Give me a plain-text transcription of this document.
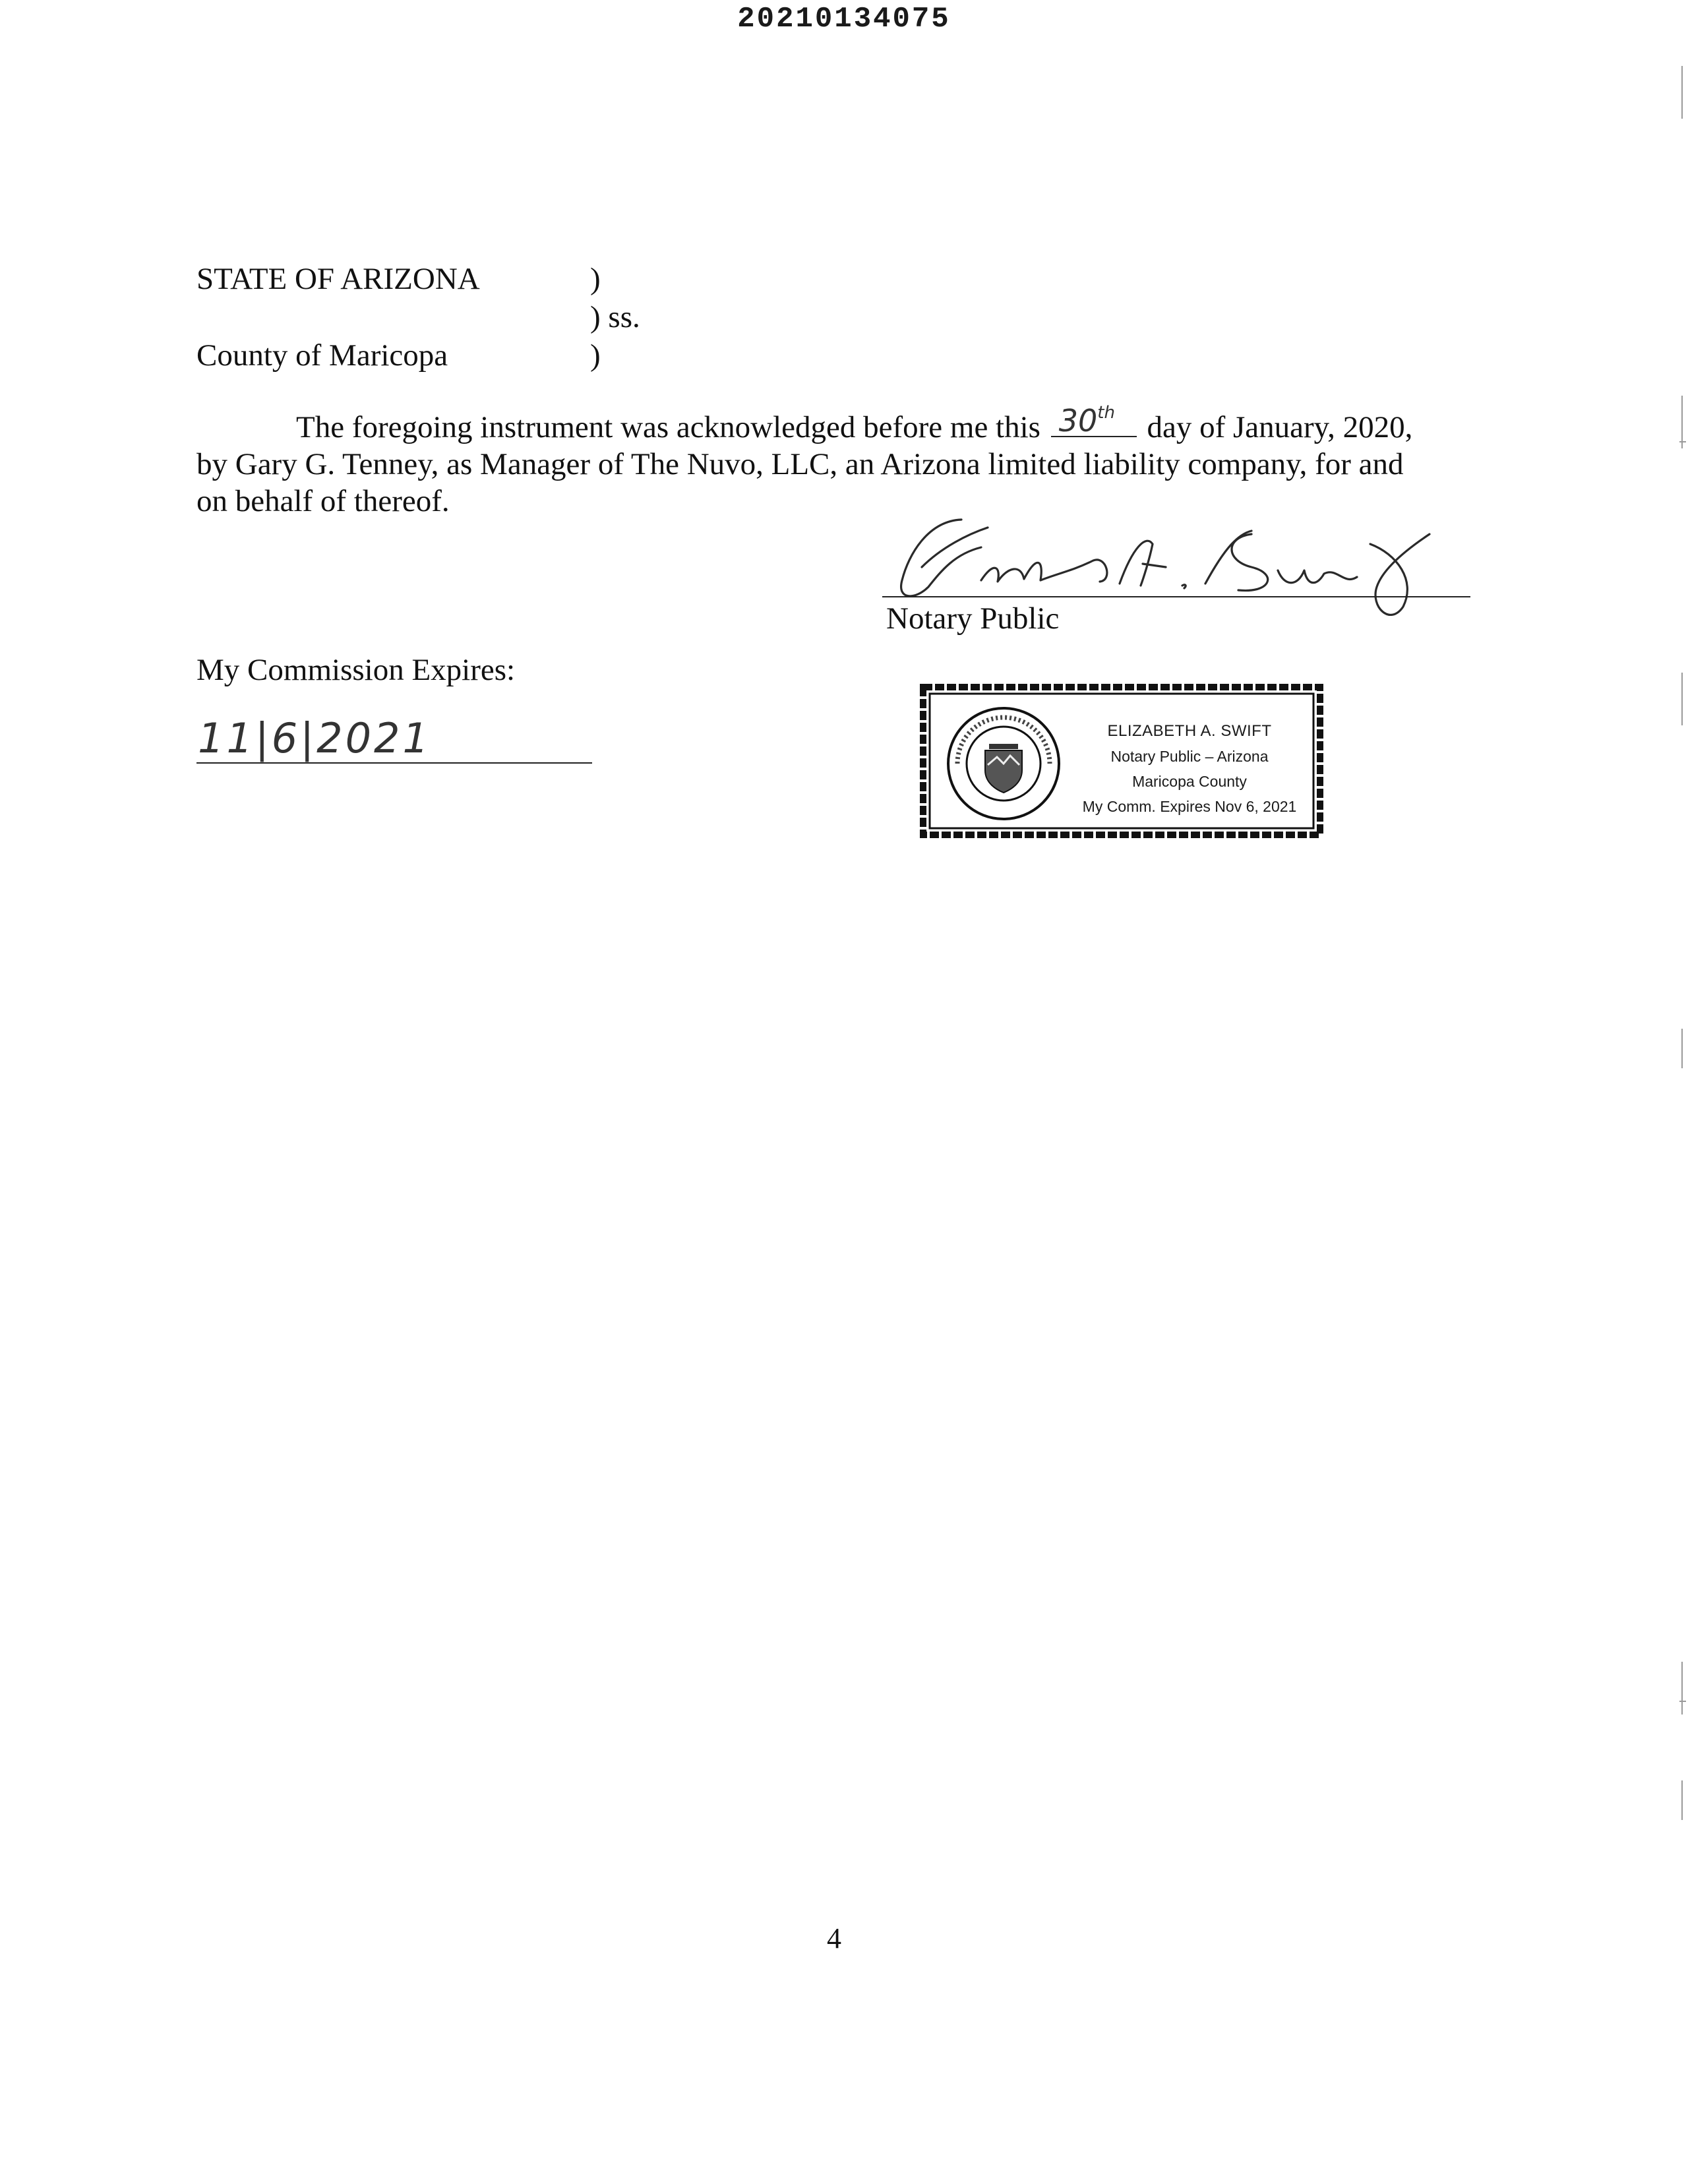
20210134075
STATE OF ARIZONA	)
) ss.
County of Maricopa	)
The foregoing instrument was acknowledged before me this 30th day of January, 2020,
by Gary G. Tenney, as Manager of The Nuvo, LLC, an Arizona limited liability company, for and
on behalf of thereof.
Notary Public
My Commission Expires:
11|6|2021	ELIZABETH A. SWIFT
Notary Public – Arizona
Maricopa County
My Comm. Expires Nov 6, 2021
4
